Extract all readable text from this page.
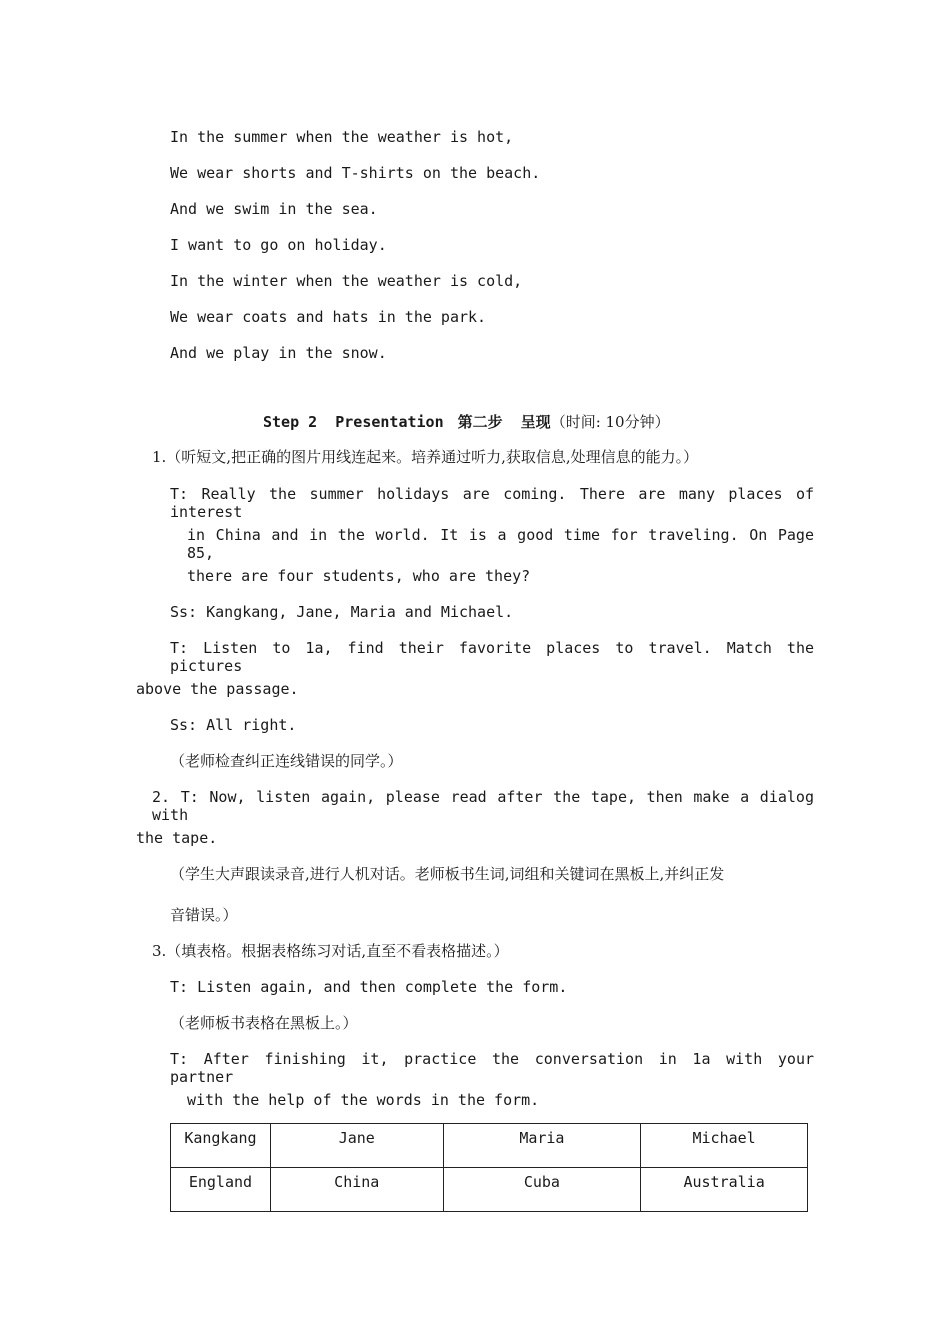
In the summer when the weather is hot,
We wear shorts and T-shirts on the beach.
And we swim in the sea.
I want to go on holiday.
In the winter when the weather is cold,
We wear coats and hats in the park.
And we play in the snow.
Step 2  Presentation 第二步  呈现（时间: 10分钟）
1.（听短文,把正确的图片用线连起来。培养通过听力,获取信息,处理信息的能力。）
T: Really the summer holidays are coming. There are many places of interest
in China and in the world. It is a good time for traveling. On Page 85,
there are four students, who are they?
Ss: Kangkang, Jane, Maria and Michael.
T: Listen to 1a, find their favorite places to travel. Match the pictures
above the passage.
Ss: All right.
（老师检查纠正连线错误的同学。）
2. T: Now, listen again, please read after the tape, then make a dialog with
the tape.
（学生大声跟读录音,进行人机对话。老师板书生词,词组和关键词在黑板上,并纠正发
音错误。）
3.（填表格。根据表格练习对话,直至不看表格描述。）
T: Listen again, and then complete the form.
（老师板书表格在黑板上。）
T: After finishing it, practice the conversation in 1a with your partner
with the help of the words in the form.
Kangkang	Jane	Maria	Michael
England	China	Cuba	Australia
